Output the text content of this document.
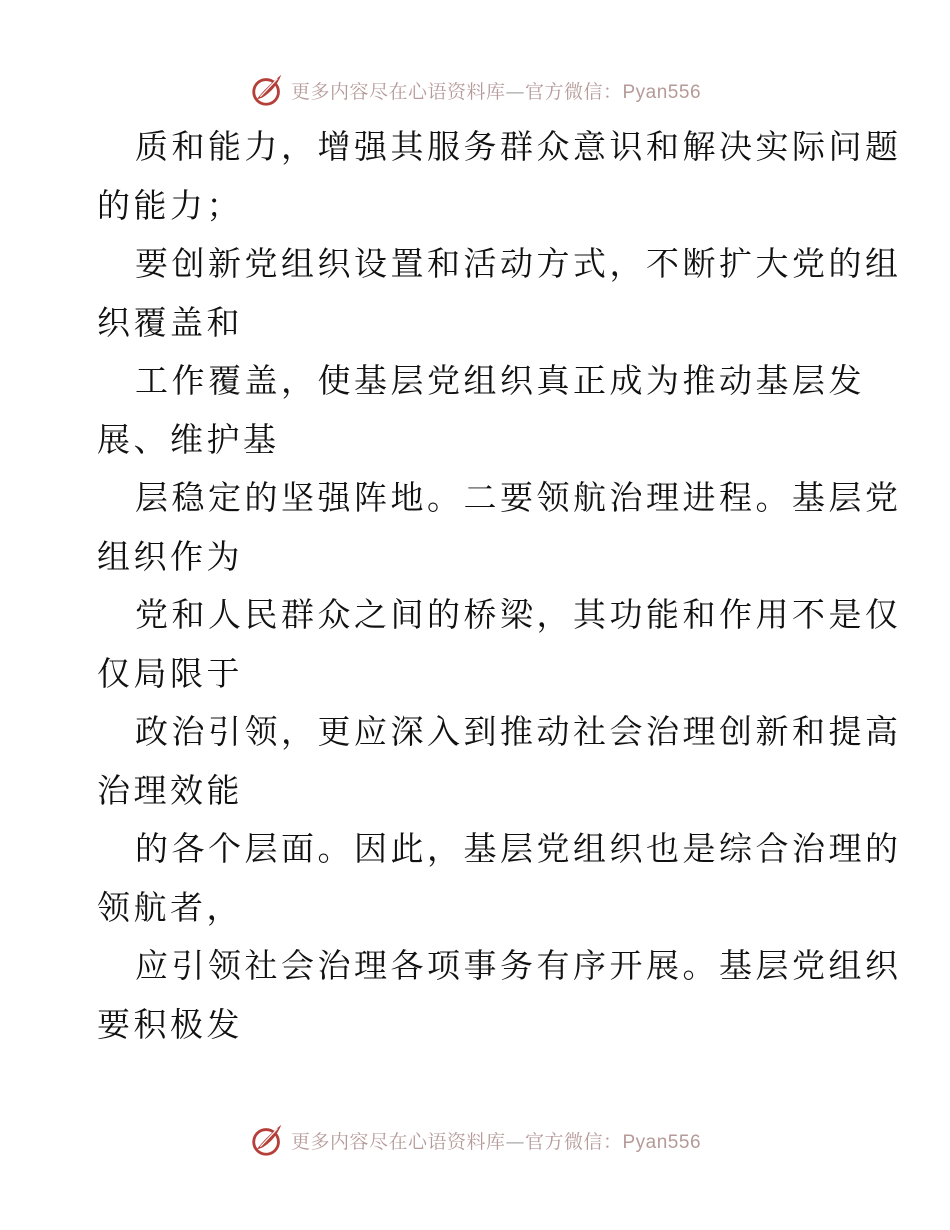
更多内容尽在心语资料库—官方微信：Pyan556
质和能力，增强其服务群众意识和解决实际问题
的能力；
要创新党组织设置和活动方式，不断扩大党的组
织覆盖和
工作覆盖，使基层党组织真正成为推动基层发
展、维护基
层稳定的坚强阵地。二要领航治理进程。基层党
组织作为
党和人民群众之间的桥梁，其功能和作用不是仅
仅局限于
政治引领，更应深入到推动社会治理创新和提高
治理效能
的各个层面。因此，基层党组织也是综合治理的
领航者，
应引领社会治理各项事务有序开展。基层党组织
要积极发
更多内容尽在心语资料库—官方微信：Pyan556
